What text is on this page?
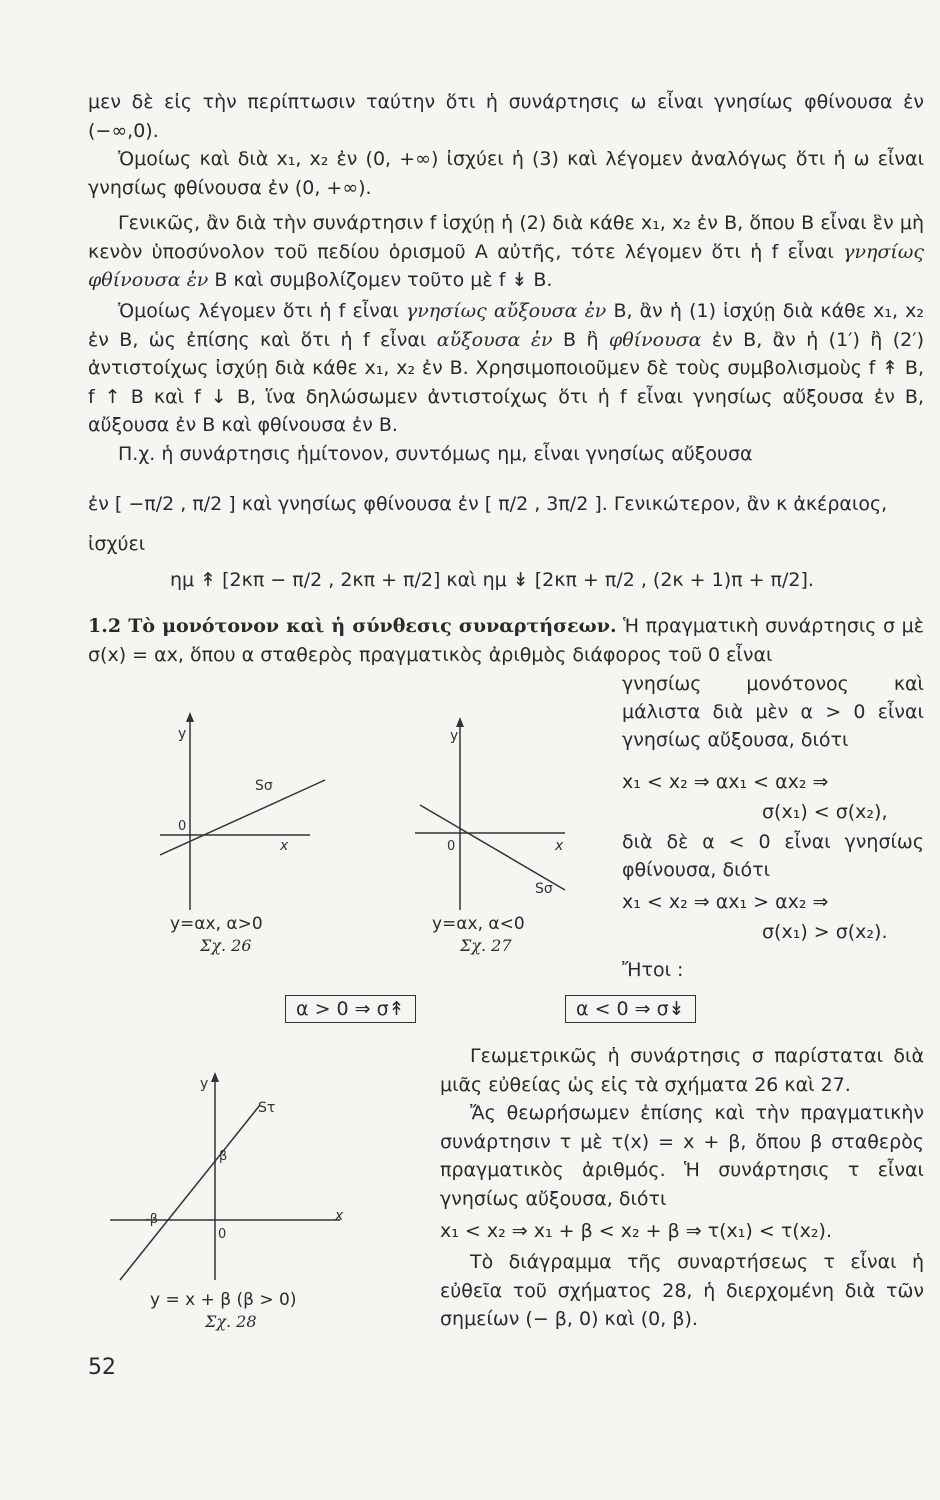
μεν δὲ εἰς τὴν περίπτωσιν ταύτην ὅτι ἡ συνάρτησις ω εἶναι γνησίως φθίνουσα ἐν (−∞,0).

Ὁμοίως καὶ διὰ x₁, x₂ ἐν (0, +∞) ἰσχύει ἡ (3) καὶ λέγομεν ἀναλόγως ὅτι ἡ ω εἶναι γνησίως φθίνουσα ἐν (0, +∞).

Γενικῶς, ἂν διὰ τὴν συνάρτησιν f ἰσχύῃ ἡ (2) διὰ κάθε x₁, x₂ ἐν B, ὅπου B εἶναι ἓν μὴ κενὸν ὑποσύνολον τοῦ πεδίου ὁρισμοῦ A αὐτῆς, τότε λέγομεν ὅτι ἡ f εἶναι γνησίως φθίνουσα ἐν B καὶ συμβολίζομεν τοῦτο μὲ f ↡ B.

Ὁμοίως λέγομεν ὅτι ἡ f εἶναι γνησίως αὔξουσα ἐν B, ἂν ἡ (1) ἰσχύῃ διὰ κάθε x₁, x₂ ἐν B, ὡς ἐπίσης καὶ ὅτι ἡ f εἶναι αὔξουσα ἐν B ἢ φθίνουσα ἐν B, ἂν ἡ (1′) ἢ (2′) ἀντιστοίχως ἰσχύῃ διὰ κάθε x₁, x₂ ἐν B. Χρησιμοποιοῦμεν δὲ τοὺς συμβολισμοὺς f ↟ B, f ↑ B καὶ f ↓ B, ἵνα δηλώσωμεν ἀντιστοίχως ὅτι ἡ f εἶναι γνησίως αὔξουσα ἐν B, αὔξουσα ἐν B καὶ φθίνουσα ἐν B.

Π.χ. ἡ συνάρτησις ἡμίτονον, συντόμως ημ, εἶναι γνησίως αὔξουσα

ἐν [ −π/2 , π/2 ] καὶ γνησίως φθίνουσα ἐν [ π/2 , 3π/2 ]. Γενικώτερον, ἂν κ ἀκέραιος,

ἰσχύει

ημ ↟ [2κπ − π/2 , 2κπ + π/2] καὶ ημ ↡ [2κπ + π/2 , (2κ + 1)π + π/2].

1.2 Τὸ μονότονον καὶ ἡ σύνθεσις συναρτήσεων. Ἡ πραγματικὴ συνάρτησις σ μὲ σ(x) = αx, ὅπου α σταθερὸς πραγματικὸς ἀριθμὸς διάφορος τοῦ 0 εἶναι

γνησίως μονότονος καὶ μάλιστα διὰ μὲν α > 0 εἶναι γνησίως αὔξουσα, διότι

x₁ < x₂ ⇒ αx₁ < αx₂ ⇒

σ(x₁) < σ(x₂),

διὰ δὲ α < 0 εἶναι γνησίως φθίνουσα, διότι

x₁ < x₂ ⇒ αx₁ > αx₂ ⇒

σ(x₁) > σ(x₂).

Ἤτοι :

y
x
0
Sσ
y=αx, α>0
Σχ. 26
y
x
0
Sσ
y=αx, α<0
Σχ. 27
α > 0 ⇒ σ↟	α < 0 ⇒ σ↡

Γεωμετρικῶς ἡ συνάρτησις σ παρίσταται διὰ μιᾶς εὐθείας ὡς εἰς τὰ σχήματα 26 καὶ 27.

Ἄς θεωρήσωμεν ἐπίσης καὶ τὴν πραγματικὴν συνάρτησιν τ μὲ τ(x) = x + β, ὅπου β σταθερὸς πραγματικὸς ἀριθμός. Ἡ συνάρτησις τ εἶναι γνησίως αὔξουσα, διότι

x₁ < x₂ ⇒ x₁ + β < x₂ + β ⇒ τ(x₁) < τ(x₂).

Τὸ διάγραμμα τῆς συναρτήσεως τ εἶναι ἡ εὐθεῖα τοῦ σχήματος 28, ἡ διερχομένη διὰ τῶν σημείων (− β, 0) καὶ (0, β).

y
x
0
β
-β
Sτ
y = x + β (β > 0)
Σχ. 28
52
